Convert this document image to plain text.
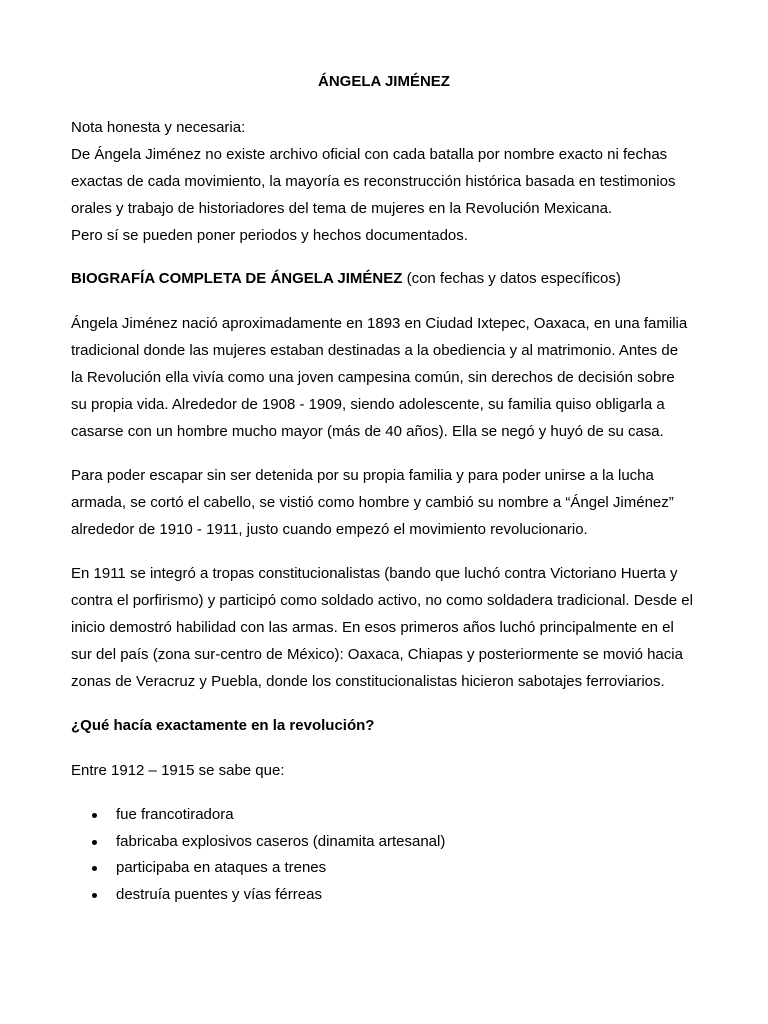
ÁNGELA JIMÉNEZ

Nota honesta y necesaria:

De Ángela Jiménez no existe archivo oficial con cada batalla por nombre exacto ni fechas

exactas de cada movimiento, la mayoría es reconstrucción histórica basada en testimonios

orales y trabajo de historiadores del tema de mujeres en la Revolución Mexicana.

Pero sí se pueden poner periodos y hechos documentados.

BIOGRAFÍA COMPLETA DE ÁNGELA JIMÉNEZ (con fechas y datos específicos)

Ángela Jiménez nació aproximadamente en 1893 en Ciudad Ixtepec, Oaxaca, en una familia

tradicional donde las mujeres estaban destinadas a la obediencia y al matrimonio. Antes de

la Revolución ella vivía como una joven campesina común, sin derechos de decisión sobre

su propia vida. Alrededor de 1908 - 1909, siendo adolescente, su familia quiso obligarla a

casarse con un hombre mucho mayor (más de 40 años). Ella se negó y huyó de su casa.

Para poder escapar sin ser detenida por su propia familia y para poder unirse a la lucha

armada, se cortó el cabello, se vistió como hombre y cambió su nombre a “Ángel Jiménez”

alrededor de 1910 - 1911, justo cuando empezó el movimiento revolucionario.

En 1911 se integró a tropas constitucionalistas (bando que luchó contra Victoriano Huerta y

contra el porfirismo) y participó como soldado activo, no como soldadera tradicional. Desde el

inicio demostró habilidad con las armas. En esos primeros años luchó principalmente en el

sur del país (zona sur-centro de México): Oaxaca, Chiapas y posteriormente se movió hacia

zonas de Veracruz y Puebla, donde los constitucionalistas hicieron sabotajes ferroviarios.

¿Qué hacía exactamente en la revolución?

Entre 1912 – 1915 se sabe que:

fue francotiradora
fabricaba explosivos caseros (dinamita artesanal)
participaba en ataques a trenes
destruía puentes y vías férreas
